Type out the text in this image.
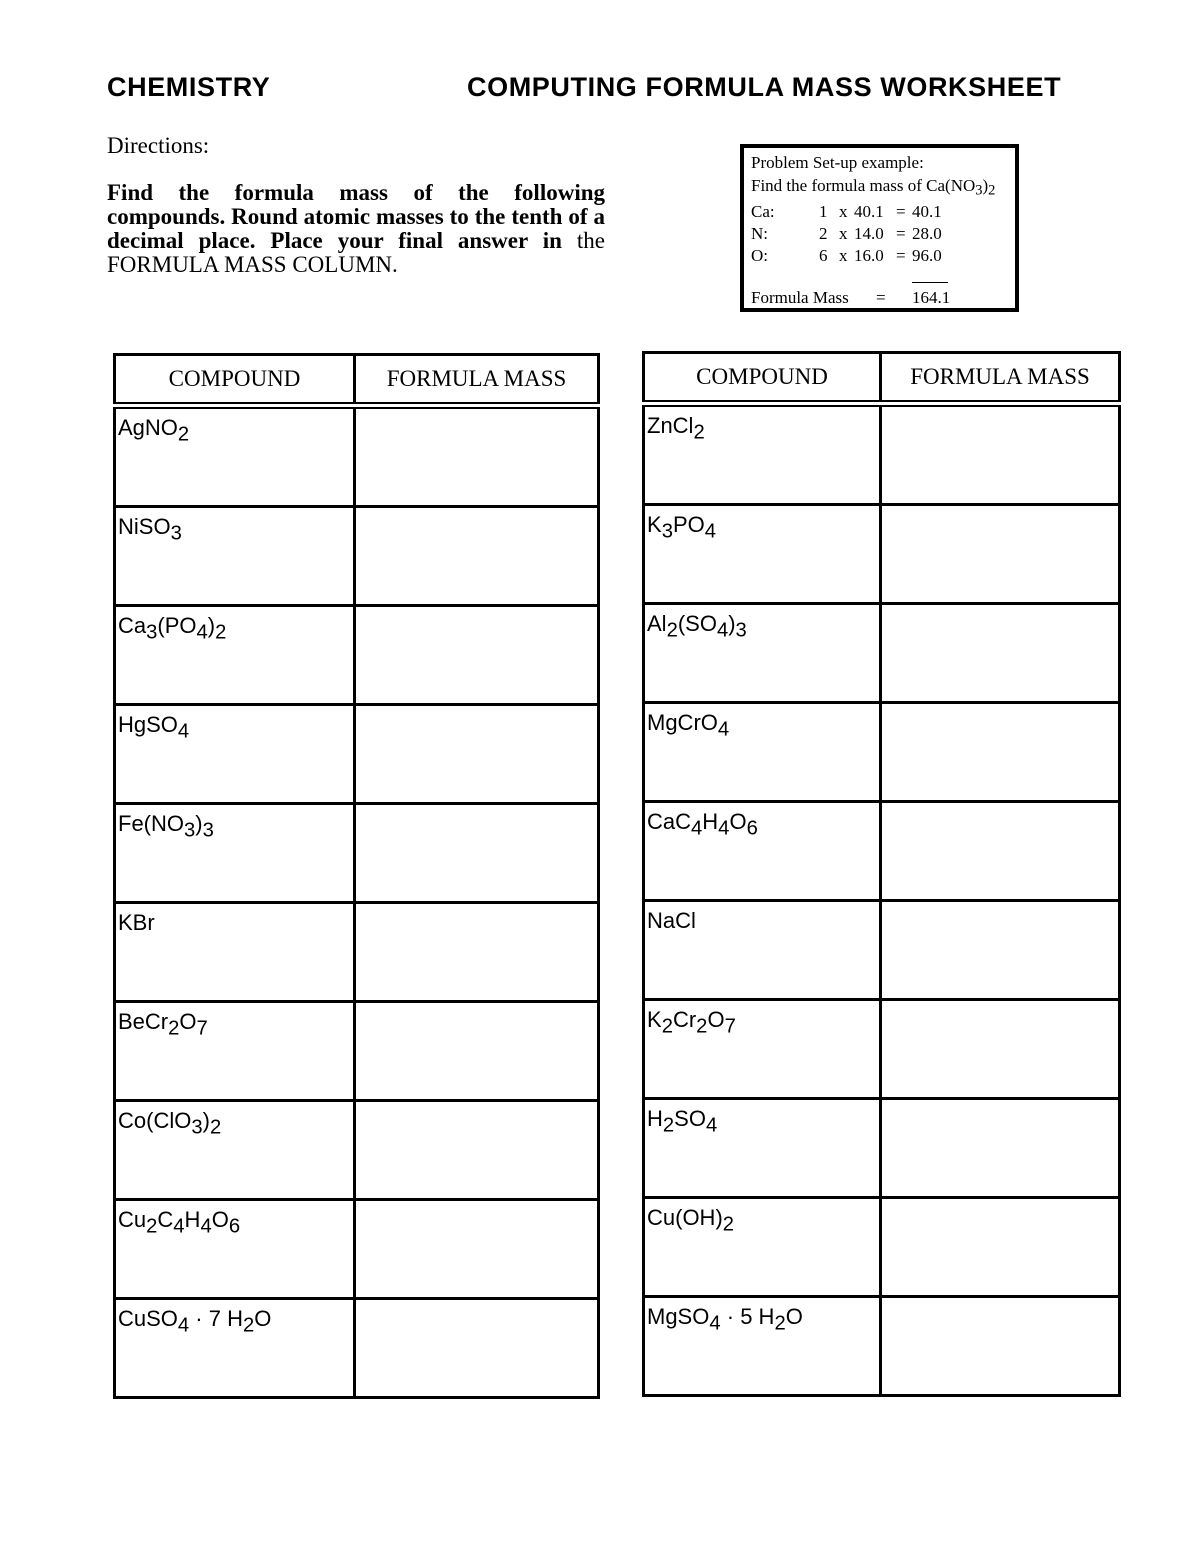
CHEMISTRY	COMPUTING FORMULA MASS WORKSHEET
Directions:
Find the formula mass of the following compounds. Round atomic masses to the tenth of a decimal place. Place your final answer in the FORMULA MASS COLUMN.
Problem Set-up example:
Find the formula mass of $Ca(NO_3)_2$
Ca:	1 x 40.1 = 40.1
N:	2 x 14.0 = 28.0
O:	6 x 16.0 = 96.0
Formula Mass = 164.1
COMPOUND	FORMULA MASS
AgNO$_2$	
NiSO$_3$	
$Ca_3(PO_4)_2$	
HgSO$_4$	
$Fe(NO_3)_3$	
KBr	
$BeCr_2O_7$	
$Co(ClO_3)_2$	
$Cu_2C_4H_4O_6$	
CuSO$_4$ · 7 $H_2O$	
COMPOUND	FORMULA MASS
ZnCl$_2$	
$K_3PO_4$	
$Al_2(SO_4)_3$	
MgCrO$_4$	
$CaC_4H_4O_6$	
NaCl	
$K_2Cr_2O_7$	
$H_2SO_4$	
$Cu(OH)_2$	
MgSO$_4$ · 5 $H_2O$	
